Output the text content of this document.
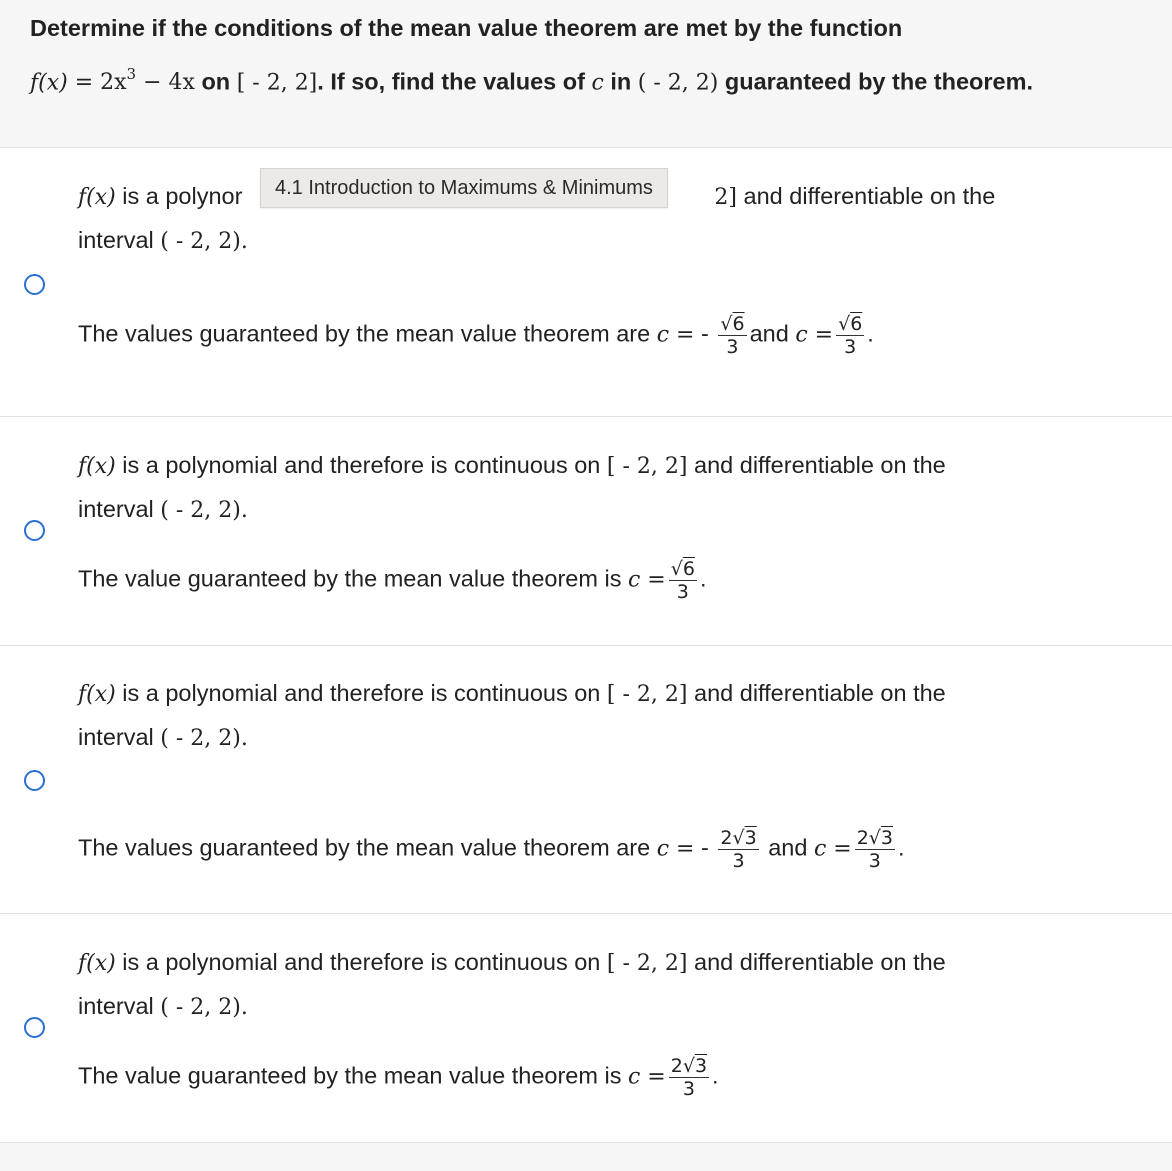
Determine if the conditions of the mean value theorem are met by the function
$f(x) = 2x^3 - 4x$ on [ - 2, 2]. If so, find the values of c in ( - 2, 2) guaranteed by the theorem.
f(x) is a polynor	2] and differentiable on the
interval ( - 2, 2).
The values guaranteed by the mean value theorem are c = - $\frac{√6}{3}$ and $c = \frac{√6}{3}$ .
f(x) is a polynomial and therefore is continuous on [ - 2, 2] and differentiable on the
interval ( - 2, 2).
The value guaranteed by the mean value theorem is $c = \frac{√6}{3}$ .
f(x) is a polynomial and therefore is continuous on [ - 2, 2] and differentiable on the
interval ( - 2, 2).
The values guaranteed by the mean value theorem are c = - $\frac{2√3}{3}$ and $c = \frac{2√3}{3}$ .
f(x) is a polynomial and therefore is continuous on [ - 2, 2] and differentiable on the
interval ( - 2, 2).
The value guaranteed by the mean value theorem is $c = \frac{2√3}{3}$ .
4.1 Introduction to Maximums & Minimums
